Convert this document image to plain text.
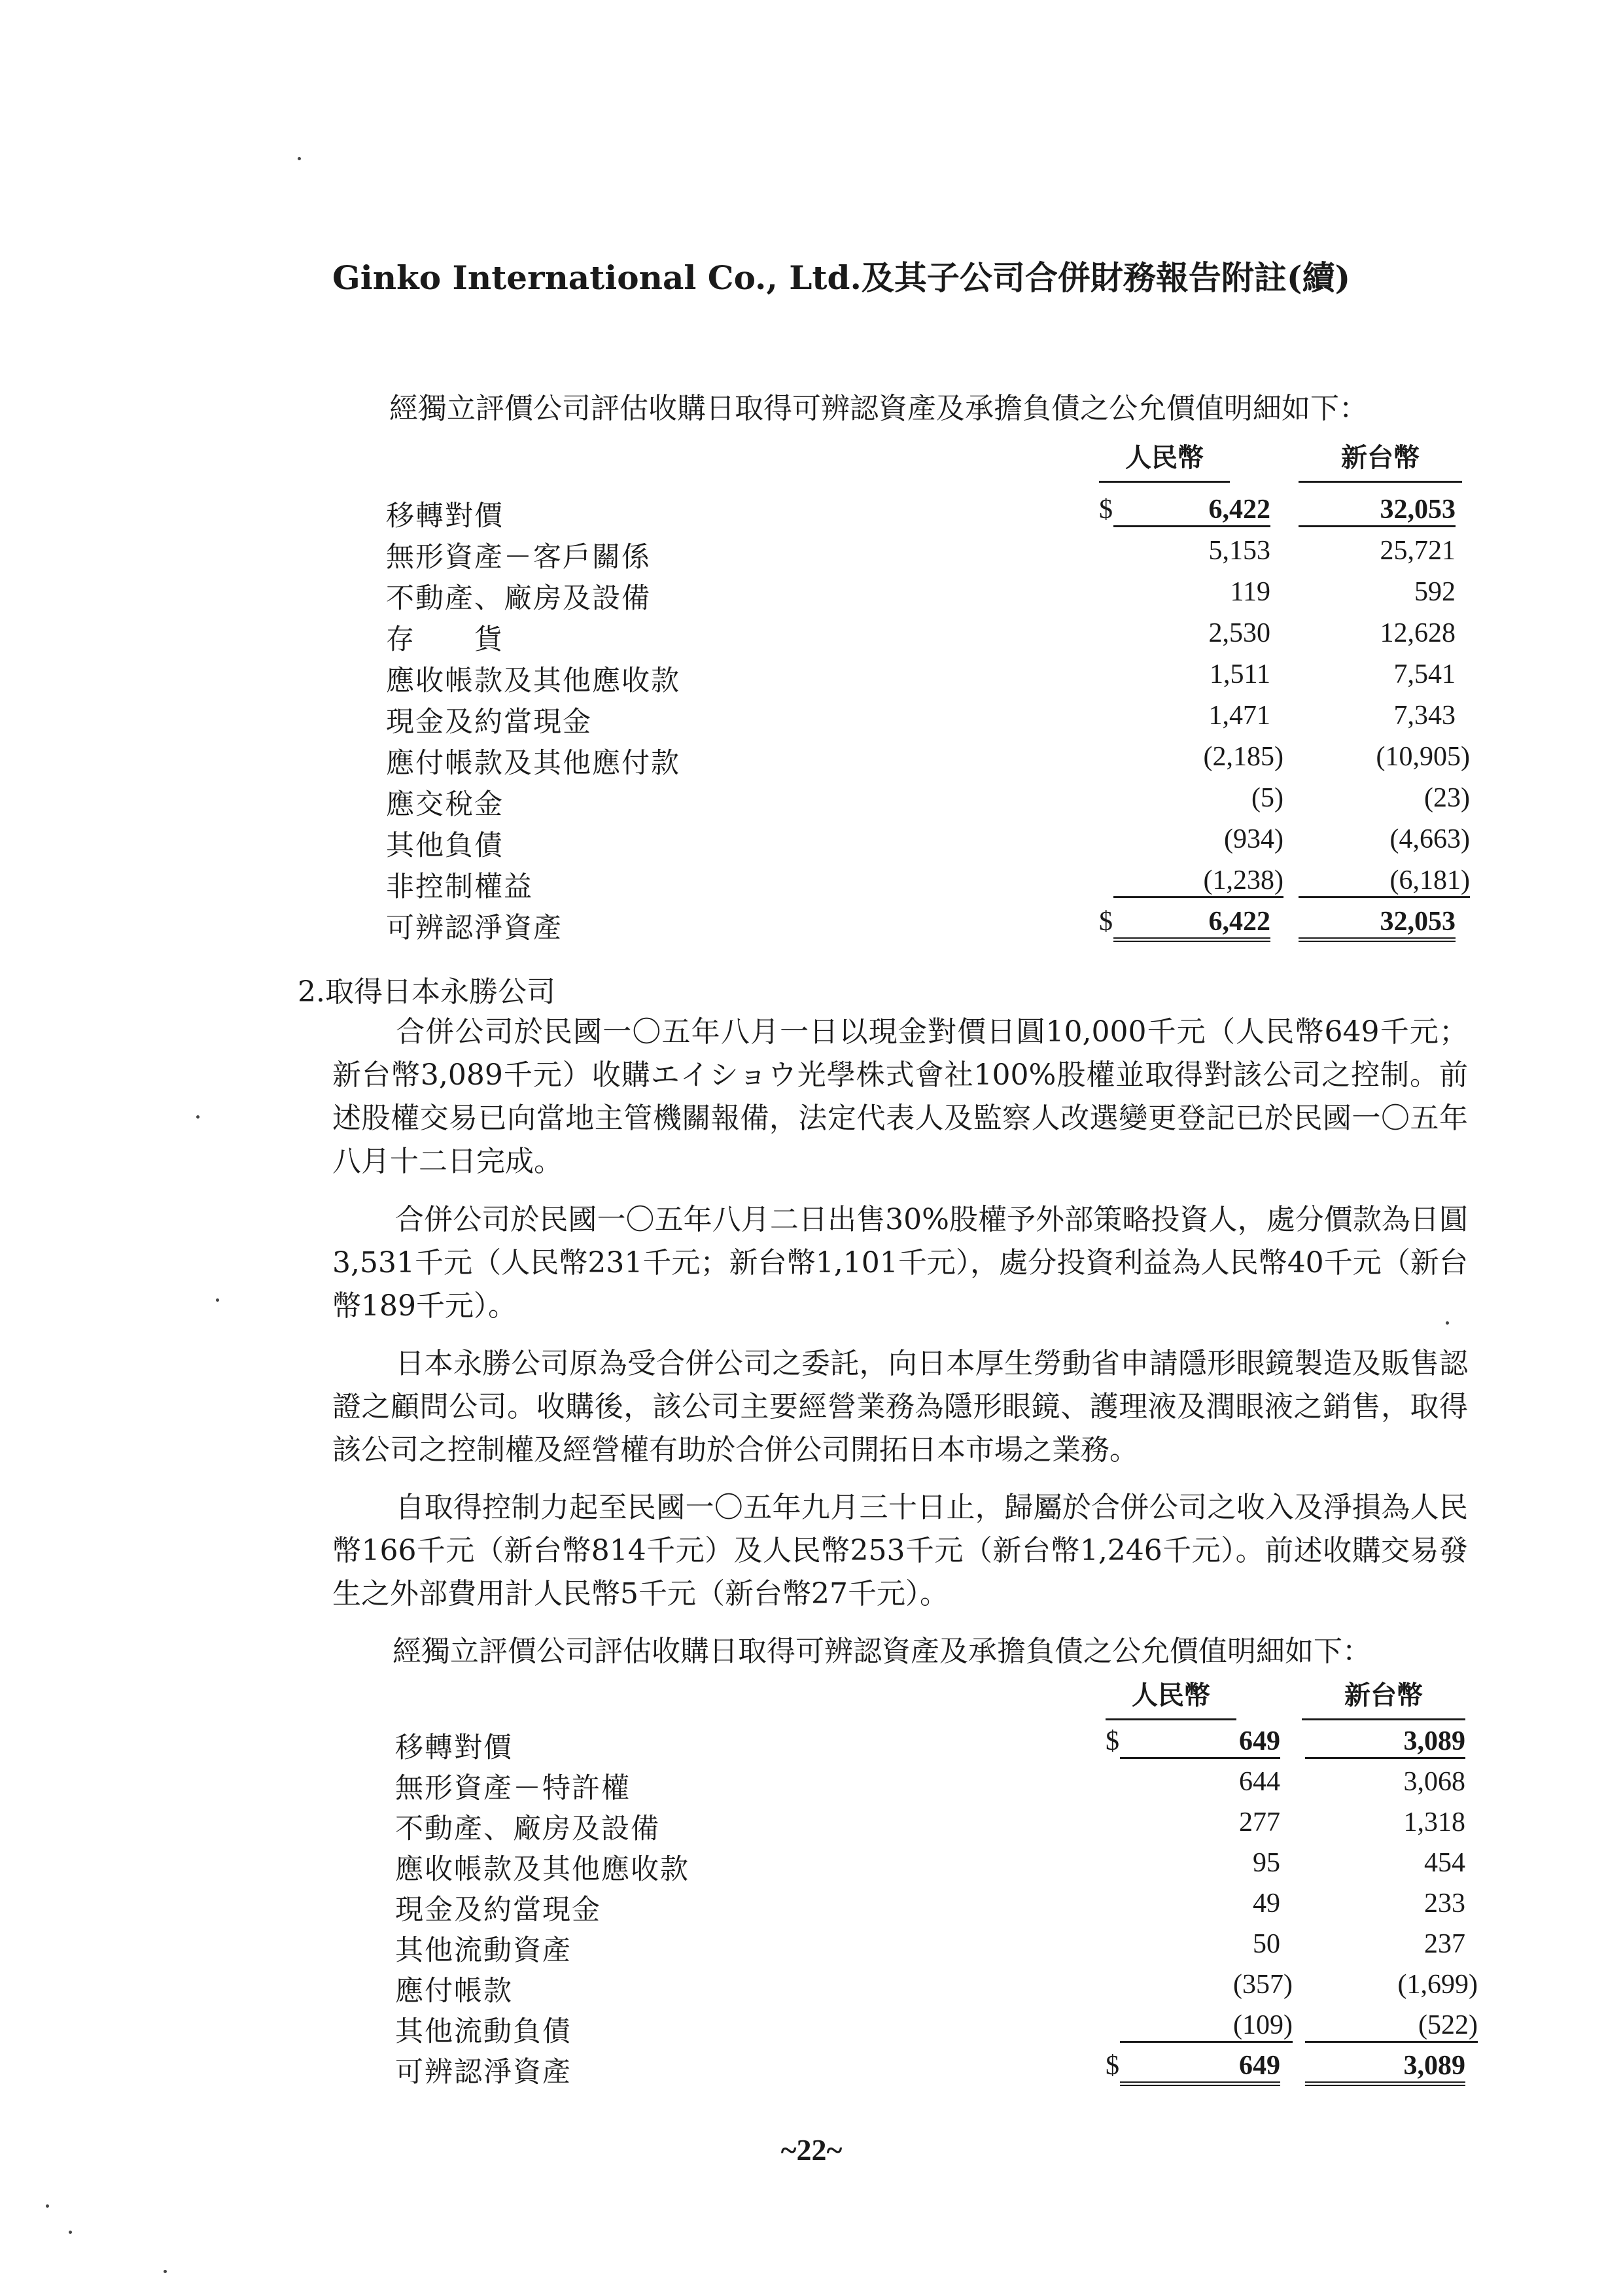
Ginko International Co., Ltd.及其子公司合併財務報告附註(續)
經獨立評價公司評估收購日取得可辨認資產及承擔負債之公允價值明細如下：
人民幣	新台幣
移轉對價	$	6,422	32,053
無形資產－客戶關係	5,153	25,721
不動產、廠房及設備	119	592
存　　貨	2,530	12,628
應收帳款及其他應收款	1,511	7,541
現金及約當現金	1,471	7,343
應付帳款及其他應付款	(2,185)	(10,905)
應交稅金	(5)	(23)
其他負債	(934)	(4,663)
非控制權益	(1,238)	(6,181)
可辨認淨資產	$	6,422	32,053
2.取得日本永勝公司
合併公司於民國一〇五年八月一日以現金對價日圓10,000千元（人民幣649千元；新台幣3,089千元）收購エイショウ光學株式會社100%股權並取得對該公司之控制。前述股權交易已向當地主管機關報備，法定代表人及監察人改選變更登記已於民國一〇五年八月十二日完成。
合併公司於民國一〇五年八月二日出售30%股權予外部策略投資人，處分價款為日圓3,531千元（人民幣231千元；新台幣1,101千元），處分投資利益為人民幣40千元（新台幣189千元）。
日本永勝公司原為受合併公司之委託，向日本厚生勞動省申請隱形眼鏡製造及販售認證之顧問公司。收購後，該公司主要經營業務為隱形眼鏡、護理液及潤眼液之銷售，取得該公司之控制權及經營權有助於合併公司開拓日本市場之業務。
自取得控制力起至民國一〇五年九月三十日止，歸屬於合併公司之收入及淨損為人民幣166千元（新台幣814千元）及人民幣253千元（新台幣1,246千元）。前述收購交易發生之外部費用計人民幣5千元（新台幣27千元）。
經獨立評價公司評估收購日取得可辨認資產及承擔負債之公允價值明細如下：
人民幣	新台幣
移轉對價	$	649	3,089
無形資產－特許權	644	3,068
不動產、廠房及設備	277	1,318
應收帳款及其他應收款	95	454
現金及約當現金	49	233
其他流動資產	50	237
應付帳款	(357)	(1,699)
其他流動負債	(109)	(522)
可辨認淨資產	$	649	3,089
~22~
